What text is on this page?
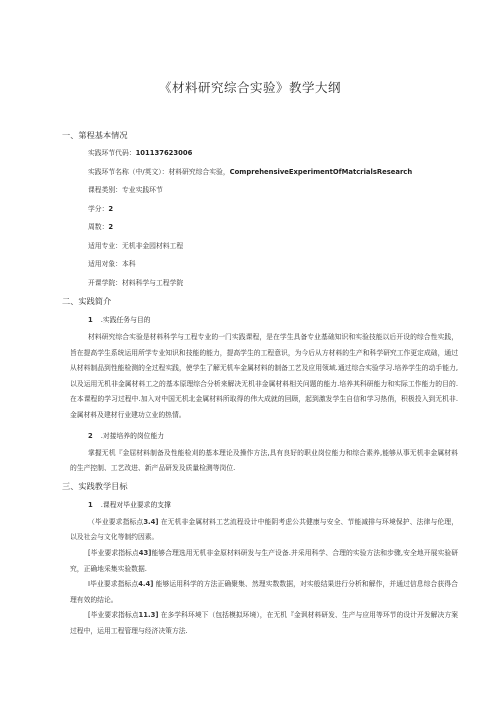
《材料研究综合实验》教学大纲
一、第程基本情况
实践环节代码：101137623006
实践环节名称（中/英文）：材料研究综合实验，ComprehensiveExperimentOfMatcrialsResearch
课程类别：专业实践环节
学分：2
周数：2
适用专业：无机非金园材料工程
适用对象：本科
开课学院：材料科学与工程学院
二、实践简介
1 .实践任务与目的
材料研究综合实验是材料科学与工程专业的一门实践课程，是在学生具备专业基础知识和实验技能以后开设的综合性实践，旨在提高学生系统运用所学专业知识和技能的能力，提高学生的工程意识，为今后从方材料的生产和科学研究工作更定成础，通过从材料制品到性能检测的全过程实践，使学生了解无机车金属材料的制备工艺及应用领域.通过综合实验学习.培养学生的动手能力,以及运用无机非金属材料工之的基本原理综合分析来解决无机非金属材料相关问题的能力.培养其科研能力和实际工作能力的目的.在本课程的学习过程中.加入对中国无机北金属材料所取得的伟大成就的回顾，起到激发学生自信和学习热俏，积极投入到无机非.金属材料及建材行业建功立业的热情。
2 .对接培养的岗位能力
掌握无机『金屈材料制备及性能检刈的基本理论及操作方法,具有良好的职业岗位能力和综合素养,能够从事无机非金属材料的生产控制、工艺改进、新产品研发及质量检测等岗位.
三、实践教学目标
1 .课程对毕业要求的支撑
（毕业要求指标点3.4] 在无机非金属材料工艺流程设计中能阴考虑公共健康与安全、节能减排与环境保护、法律与伦理，以及社会与文化等制约因素。
[毕业要求指标点43]能够合理选用无机非金原材料研发与生产设备.并采用科学、合理的实验方法和步骤,安全地开展实验研究，正确地采集实验数据.
I毕业要求指标点4.4] 能够运用科学的方法正确聚集、然理实数数据，对实般结果进行分析和解作，并通过信息综合获得合理有效的结论。
[毕业要求指标点11.3] 在多学科环境下（包括模拟环境），在无机『金讽材料研发、生产与应用等环节的设计开发解决方案过程中，运用工程管理与经济决策方法.
